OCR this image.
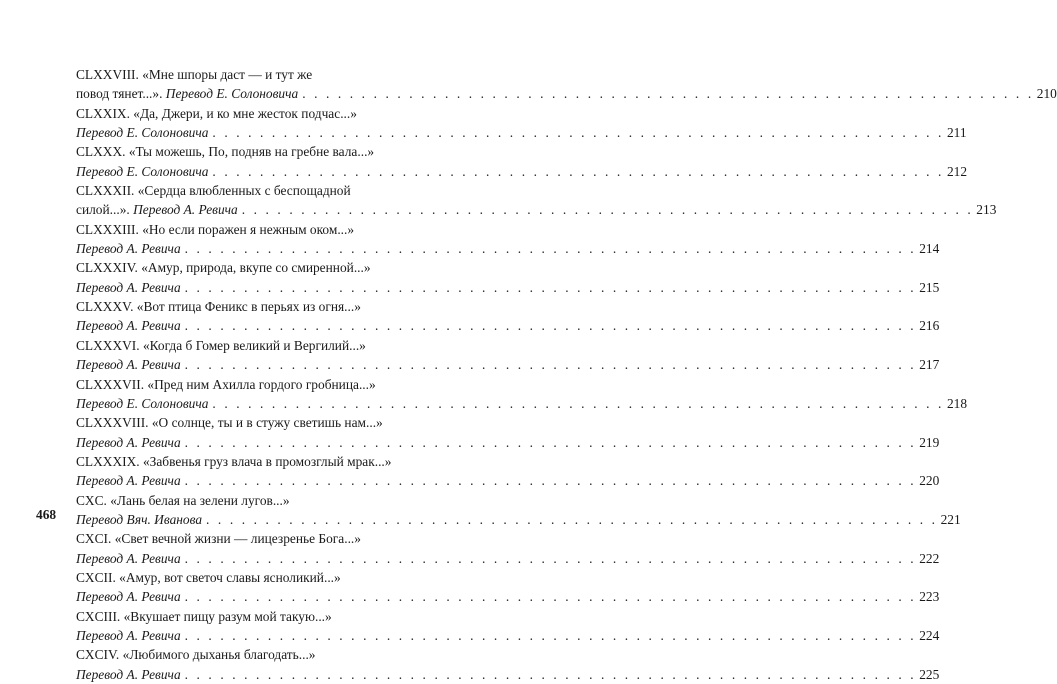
468
CLXXVIII. «Мне шпоры даст — и тут же
повод тянет...». Перевод Е. Солоновича . . .	210
CLXXIX. «Да, Джери, и ко мне жесток подчас...»
Перевод Е. Солоновича . . .	211
CLXXX. «Ты можешь, По, подняв на гребне вала...»
Перевод Е. Солоновича . . .	212
CLXXXII. «Сердца влюбленных с беспощадной
силой...». Перевод А. Ревича . . .	213
CLXXXIII. «Но если поражен я нежным оком...»
Перевод А. Ревича . . .	214
CLXXXIV. «Амур, природа, вкупе со смиренной...»
Перевод А. Ревича . . .	215
CLXXXV. «Вот птица Феникс в перьях из огня...»
Перевод А. Ревича . . .	216
CLXXXVI. «Когда б Гомер великий и Вергилий...»
Перевод А. Ревича . . .	217
CLXXXVII. «Пред ним Ахилла гордого гробница...»
Перевод Е. Солоновича . . .	218
CLXXXVIII. «О солнце, ты и в стужу светишь нам...»
Перевод А. Ревича . . .	219
CLXXXIX. «Забвенья груз влача в промозглый мрак...»
Перевод А. Ревича . . .	220
CXC. «Лань белая на зелени лугов...»
Перевод Вяч. Иванова . . .	221
CXCI. «Свет вечной жизни — лицезренье Бога...»
Перевод А. Ревича . . .	222
CXCII. «Амур, вот светоч славы ясноликий...»
Перевод А. Ревича . . .	223
CXCIII. «Вкушает пищу разум мой такую...»
Перевод А. Ревича . . .	224
CXCIV. «Любимого дыханья благодать...»
Перевод А. Ревича . . .	225
